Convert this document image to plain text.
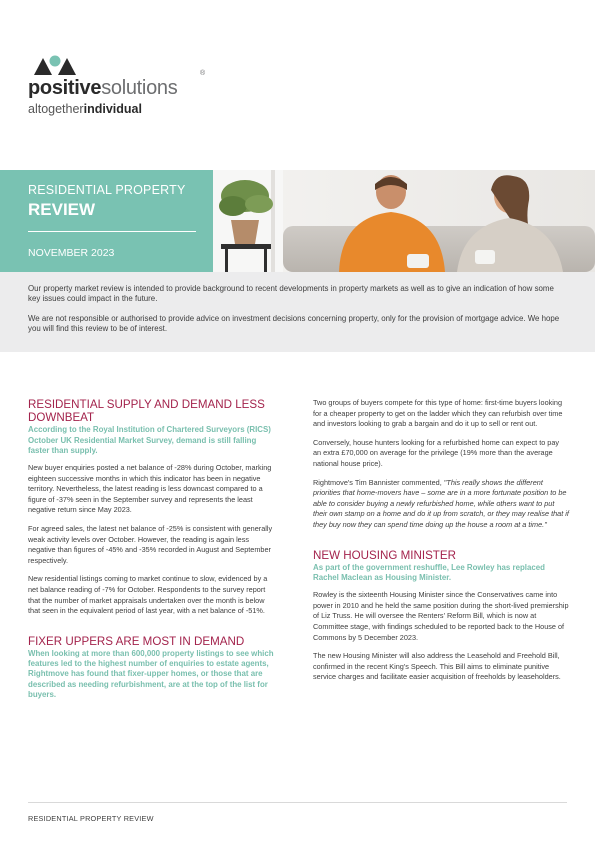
positivesolutions
®
altogetherindividual
RESIDENTIAL PROPERTY
REVIEW
NOVEMBER 2023

Our property market review is intended to provide background to recent developments in property markets as well as to give an indication of how some key issues could impact in the future.

We are not responsible or authorised to provide advice on investment decisions concerning property, only for the provision of mortgage advice. We hope you will find this review to be of interest.

RESIDENTIAL SUPPLY AND DEMAND LESS DOWNBEAT
According to the Royal Institution of Chartered Surveyors (RICS) October UK Residential Market Survey, demand is still falling faster than supply.

New buyer enquiries posted a net balance of -28% during October, marking eighteen successive months in which this indicator has been in negative territory. Nevertheless, the latest reading is less downcast compared to a figure of -37% seen in the September survey and represents the least negative return since May 2023.

For agreed sales, the latest net balance of -25% is consistent with generally weak activity levels over October. However, the reading is again less negative than figures of -45% and -35% recorded in August and September respectively.

New residential listings coming to market continue to slow, evidenced by a net balance reading of -7% for October. Respondents to the survey report that the number of market appraisals undertaken over the month is below that seen in the equivalent period of last year, with a net balance of -51%.

FIXER UPPERS ARE MOST IN DEMAND
When looking at more than 600,000 property listings to see which features led to the highest number of enquiries to estate agents, Rightmove has found that fixer-upper homes, or those that are described as needing refurbishment, are at the top of the list for buyers.

Two groups of buyers compete for this type of home: first-time buyers looking for a cheaper property to get on the ladder which they can refurbish over time and investors looking to grab a bargain and do it up to sell or rent out.

Conversely, house hunters looking for a refurbished home can expect to pay an extra £70,000 on average for the privilege (19% more than the average national house price).

Rightmove's Tim Bannister commented, "This really shows the different priorities that home-movers have – some are in a more fortunate position to be able to consider buying a newly refurbished home, while others want to put their own stamp on a home and do it up from scratch, or they may realise that if they buy now they can spend time doing up the house a room at a time."

NEW HOUSING MINISTER
As part of the government reshuffle, Lee Rowley has replaced Rachel Maclean as Housing Minister.

Rowley is the sixteenth Housing Minister since the Conservatives came into power in 2010 and he held the same position during the short-lived premiership of Liz Truss. He will oversee the Renters' Reform Bill, which is now at Committee stage, with findings scheduled to be reported back to the House of Commons by 5 December 2023.

The new Housing Minister will also address the Leasehold and Freehold Bill, confirmed in the recent King's Speech. This Bill aims to eliminate punitive service charges and facilitate easier acquisition of freeholds by leaseholders.

RESIDENTIAL PROPERTY REVIEW
